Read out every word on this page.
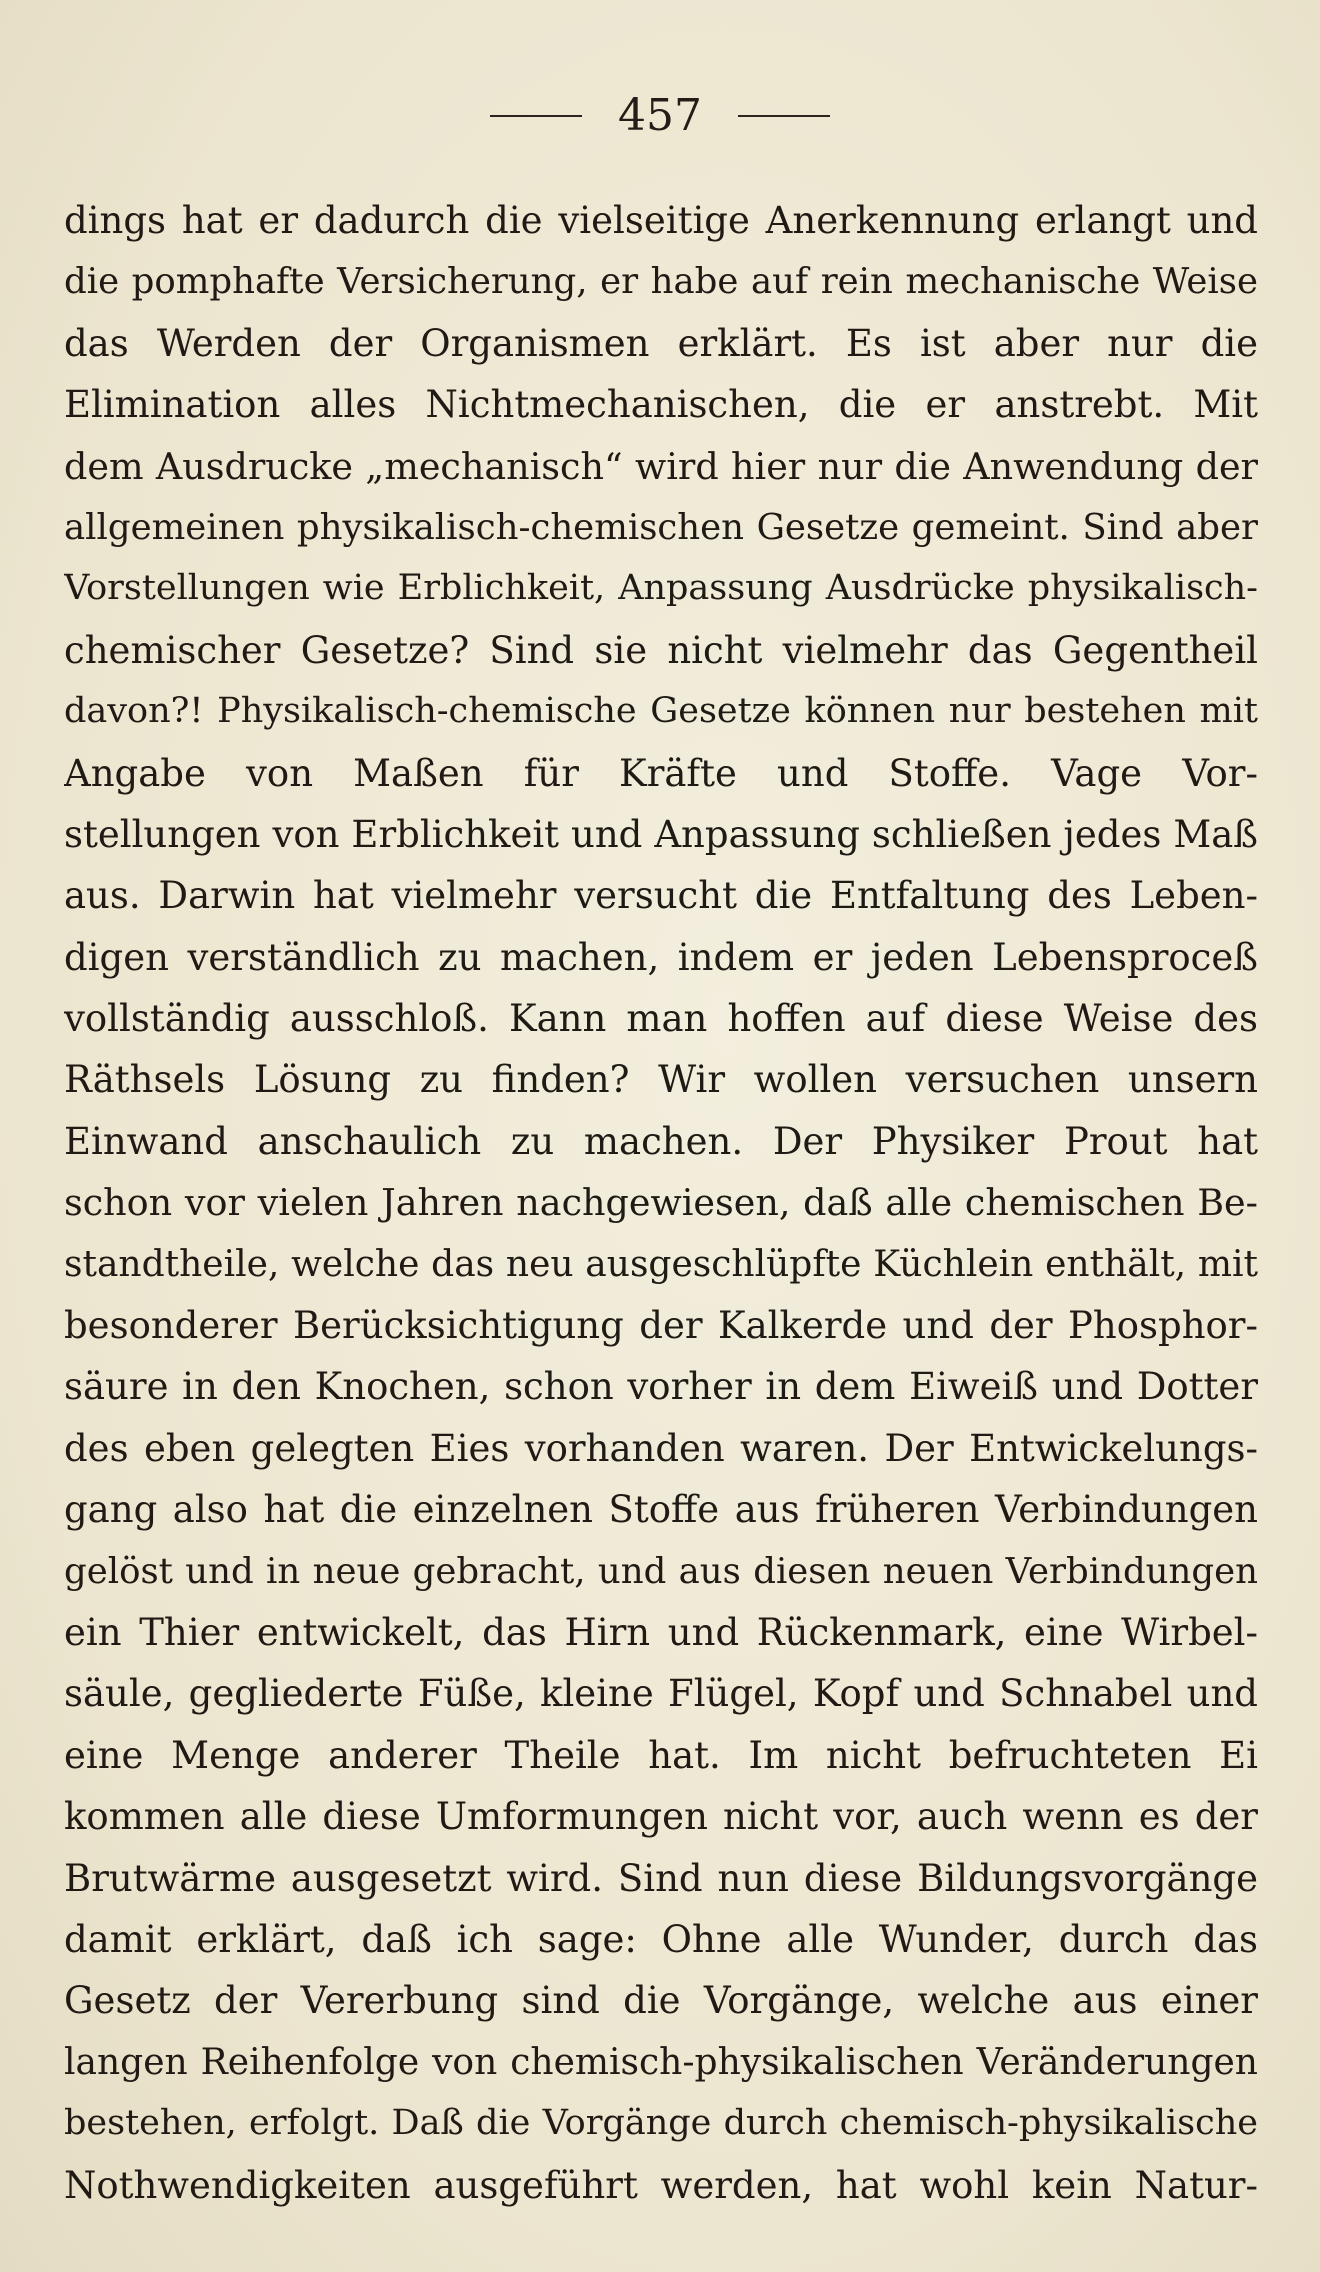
457
dings hat er dadurch die vielseitige Anerkennung erlangt und
die pomphafte Versicherung, er habe auf rein mechanische Weise
das Werden der Organismen erklärt. Es ist aber nur die
Elimination alles Nichtmechanischen, die er anstrebt. Mit
dem Ausdrucke „mechanisch“ wird hier nur die Anwendung der
allgemeinen physikalisch-chemischen Gesetze gemeint. Sind aber
Vorstellungen wie Erblichkeit, Anpassung Ausdrücke physikalisch-
chemischer Gesetze? Sind sie nicht vielmehr das Gegentheil
davon?! Physikalisch-chemische Gesetze können nur bestehen mit
Angabe von Maßen für Kräfte und Stoffe. Vage Vor-
stellungen von Erblichkeit und Anpassung schließen jedes Maß
aus. Darwin hat vielmehr versucht die Entfaltung des Leben-
digen verständlich zu machen, indem er jeden Lebensproceß
vollständig ausschloß. Kann man hoffen auf diese Weise des
Räthsels Lösung zu finden? Wir wollen versuchen unsern
Einwand anschaulich zu machen. Der Physiker Prout hat
schon vor vielen Jahren nachgewiesen, daß alle chemischen Be-
standtheile, welche das neu ausgeschlüpfte Küchlein enthält, mit
besonderer Berücksichtigung der Kalkerde und der Phosphor-
säure in den Knochen, schon vorher in dem Eiweiß und Dotter
des eben gelegten Eies vorhanden waren. Der Entwickelungs-
gang also hat die einzelnen Stoffe aus früheren Verbindungen
gelöst und in neue gebracht, und aus diesen neuen Verbindungen
ein Thier entwickelt, das Hirn und Rückenmark, eine Wirbel-
säule, gegliederte Füße, kleine Flügel, Kopf und Schnabel und
eine Menge anderer Theile hat. Im nicht befruchteten Ei
kommen alle diese Umformungen nicht vor, auch wenn es der
Brutwärme ausgesetzt wird. Sind nun diese Bildungsvorgänge
damit erklärt, daß ich sage: Ohne alle Wunder, durch das
Gesetz der Vererbung sind die Vorgänge, welche aus einer
langen Reihenfolge von chemisch-physikalischen Veränderungen
bestehen, erfolgt. Daß die Vorgänge durch chemisch-physikalische
Nothwendigkeiten ausgeführt werden, hat wohl kein Natur-
